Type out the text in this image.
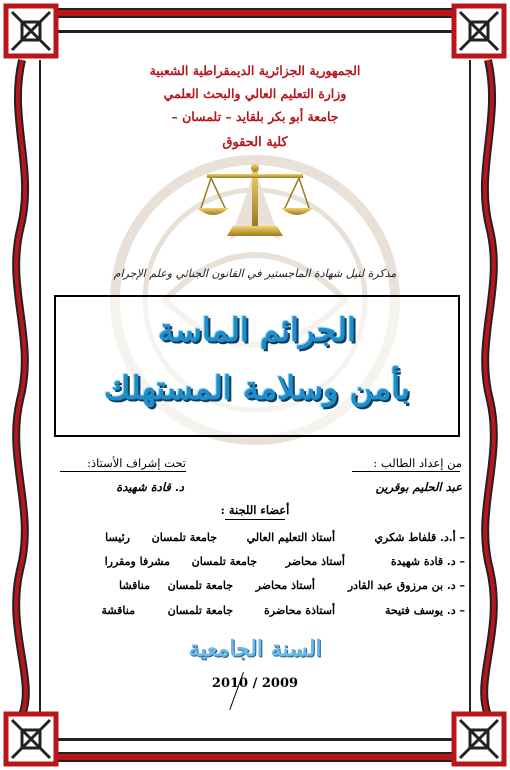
الجمهورية الجزائرية الديمقراطية الشعبية
وزارة التعليم العالي والبحث العلمي
جامعة أبو بكر بلقايد – تلمسان –
كلية الحقوق
مذكرة لنيل شهادة الماجستير في القانون الجنائي وعلم الإجرام
الجرائم الماسة
بأمن وسلامة المستهلك
من إعداد الطالب :
تحت إشراف الأستاذ:
عبد الحليم بوقرين
د. قادة شهيدة
أعضاء اللجنة :
– أ.د. قلفاط شكري
أستاذ التعليم العالي
جامعة تلمسان
رئيسا
– د. قادة شهيدة
أستاذ محاضر
جامعة تلمسان
مشرفا ومقررا
– د. بن مرزوق عبد القادر
أستاذ محاضر
جامعة تلمسان
مناقشا
– د. يوسف فتيحة
أستاذة محاضرة
جامعة تلمسان
مناقشة
السنة الجامعية
2010 / 2009
